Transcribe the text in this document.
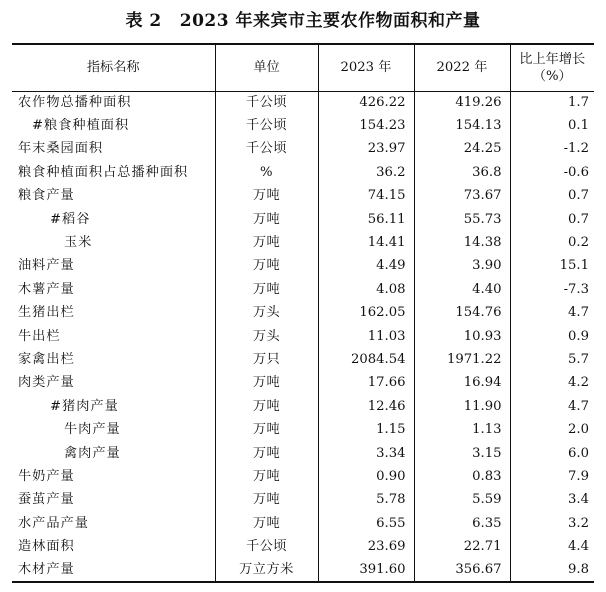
表 2 2023 年来宾市主要农作物面积和产量
指标名称	单位	2023 年	2022 年	比上年增长
（%）

农作物总播种面积	千公顷	426.22	419.26	1.7
#粮食种植面积	千公顷	154.23	154.13	0.1
年末桑园面积	千公顷	23.97	24.25	-1.2
粮食种植面积占总播种面积	%	36.2	36.8	-0.6
粮食产量	万吨	74.15	73.67	0.7
#稻谷	万吨	56.11	55.73	0.7
玉米	万吨	14.41	14.38	0.2
油料产量	万吨	4.49	3.90	15.1
木薯产量	万吨	4.08	4.40	-7.3
生猪出栏	万头	162.05	154.76	4.7
牛出栏	万头	11.03	10.93	0.9
家禽出栏	万只	2084.54	1971.22	5.7
肉类产量	万吨	17.66	16.94	4.2
#猪肉产量	万吨	12.46	11.90	4.7
牛肉产量	万吨	1.15	1.13	2.0
禽肉产量	万吨	3.34	3.15	6.0
牛奶产量	万吨	0.90	0.83	7.9
蚕茧产量	万吨	5.78	5.59	3.4
水产品产量	万吨	6.55	6.35	3.2
造林面积	千公顷	23.69	22.71	4.4
木材产量	万立方米	391.60	356.67	9.8
